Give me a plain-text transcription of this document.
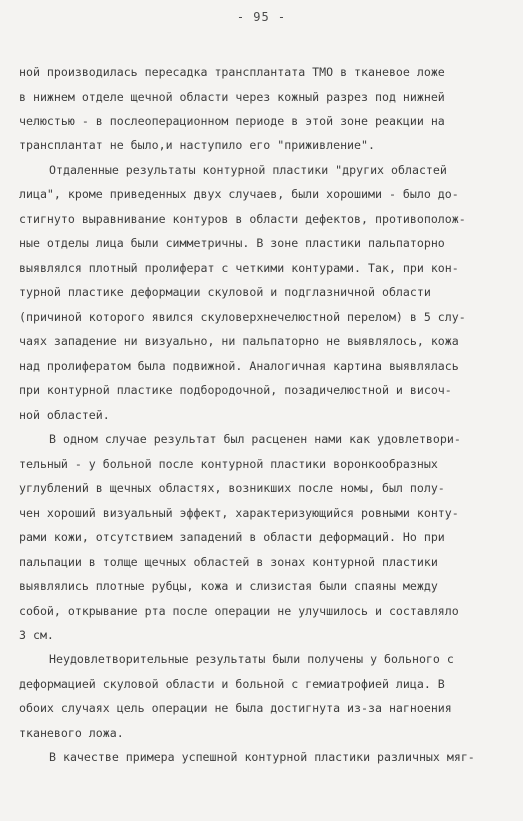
- 95 -
ной производилась пересадка трансплантата ТМО в тканевое ложе
в нижнем отделе щечной области через кожный разрез под нижней
челюстью - в послеоперационном периоде в этой зоне реакции на
трансплантат не было,и наступило его "приживление".
Отдаленные результаты контурной пластики "других областей
лица", кроме приведенных двух случаев, были хорошими - было до-
стигнуто выравнивание контуров в области дефектов, противополож-
ные отделы лица были симметричны. В зоне пластики пальпаторно
выявлялся плотный пролиферат с четкими контурами. Так, при кон-
турной пластике деформации скуловой и подглазничной области
(причиной которого явился скуловерхнечелюстной перелом) в 5 слу-
чаях западение ни визуально, ни пальпаторно не выявлялось, кожа
над пролифератом была подвижной. Аналогичная картина выявлялась
при контурной пластике подбородочной, позадичелюстной и височ-
ной областей.
В одном случае результат был расценен нами как удовлетвори-
тельный - у больной после контурной пластики воронкообразных
углублений в щечных областях, возникших после номы, был полу-
чен хороший визуальный эффект, характеризующийся ровными конту-
рами кожи, отсутствием западений в области деформаций. Но при
пальпации в толще щечных областей в зонах контурной пластики
выявлялись плотные рубцы, кожа и слизистая были спаяны между
собой, открывание рта после операции не улучшилось и составляло
3 см.
Неудовлетворительные результаты были получены у больного с
деформацией скуловой области и больной с гемиатрофией лица. В
обоих случаях цель операции не была достигнута из-за нагноения
тканевого ложа.
В качестве примера успешной контурной пластики различных мяг-
